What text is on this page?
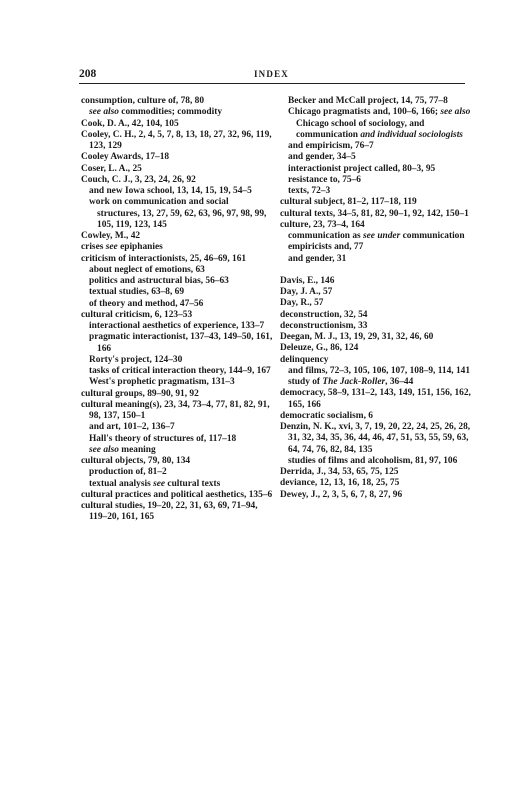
208	INDEX
consumption, culture of, 78, 80
see also commodities; commodity
Cook, D. A., 42, 104, 105
Cooley, C. H., 2, 4, 5, 7, 8, 13, 18, 27, 32, 96, 119, 123, 129
Cooley Awards, 17–18
Coser, L. A., 25
Couch, C. J., 3, 23, 24, 26, 92
and new Iowa school, 13, 14, 15, 19, 54–5
work on communication and social structures, 13, 27, 59, 62, 63, 96, 97, 98, 99, 105, 119, 123, 145
Cowley, M., 42
crises see epiphanies
criticism of interactionists, 25, 46–69, 161
about neglect of emotions, 63
politics and astructural bias, 56–63
textual studies, 63–8, 69
of theory and method, 47–56
cultural criticism, 6, 123–53
interactional aesthetics of experience, 133–7
pragmatic interactionist, 137–43, 149–50, 161, 166
Rorty's project, 124–30
tasks of critical interaction theory, 144–9, 167
West's prophetic pragmatism, 131–3
cultural groups, 89–90, 91, 92
cultural meaning(s), 23, 34, 73–4, 77, 81, 82, 91, 98, 137, 150–1
and art, 101–2, 136–7
Hall's theory of structures of, 117–18
see also meaning
cultural objects, 79, 80, 134
production of, 81–2
textual analysis see cultural texts
cultural practices and political aesthetics, 135–6
cultural studies, 19–20, 22, 31, 63, 69, 71–94, 119–20, 161, 165
Becker and McCall project, 14, 75, 77–8
Chicago pragmatists and, 100–6, 166; see also Chicago school of sociology, and communication and individual sociologists
and empiricism, 76–7
and gender, 34–5
interactionist project called, 80–3, 95
resistance to, 75–6
texts, 72–3
cultural subject, 81–2, 117–18, 119
cultural texts, 34–5, 81, 82, 90–1, 92, 142, 150–1
culture, 23, 73–4, 164
communication as see under communication
empiricists and, 77
and gender, 31
Davis, E., 146
Day, J. A., 57
Day, R., 57
deconstruction, 32, 54
deconstructionism, 33
Deegan, M. J., 13, 19, 29, 31, 32, 46, 60
Deleuze, G., 86, 124
delinquency
and films, 72–3, 105, 106, 107, 108–9, 114, 141
study of The Jack-Roller, 36–44
democracy, 58–9, 131–2, 143, 149, 151, 156, 162, 165, 166
democratic socialism, 6
Denzin, N. K., xvi, 3, 7, 19, 20, 22, 24, 25, 26, 28, 31, 32, 34, 35, 36, 44, 46, 47, 51, 53, 55, 59, 63, 64, 74, 76, 82, 84, 135
studies of films and alcoholism, 81, 97, 106
Derrida, J., 34, 53, 65, 75, 125
deviance, 12, 13, 16, 18, 25, 75
Dewey, J., 2, 3, 5, 6, 7, 8, 27, 96
